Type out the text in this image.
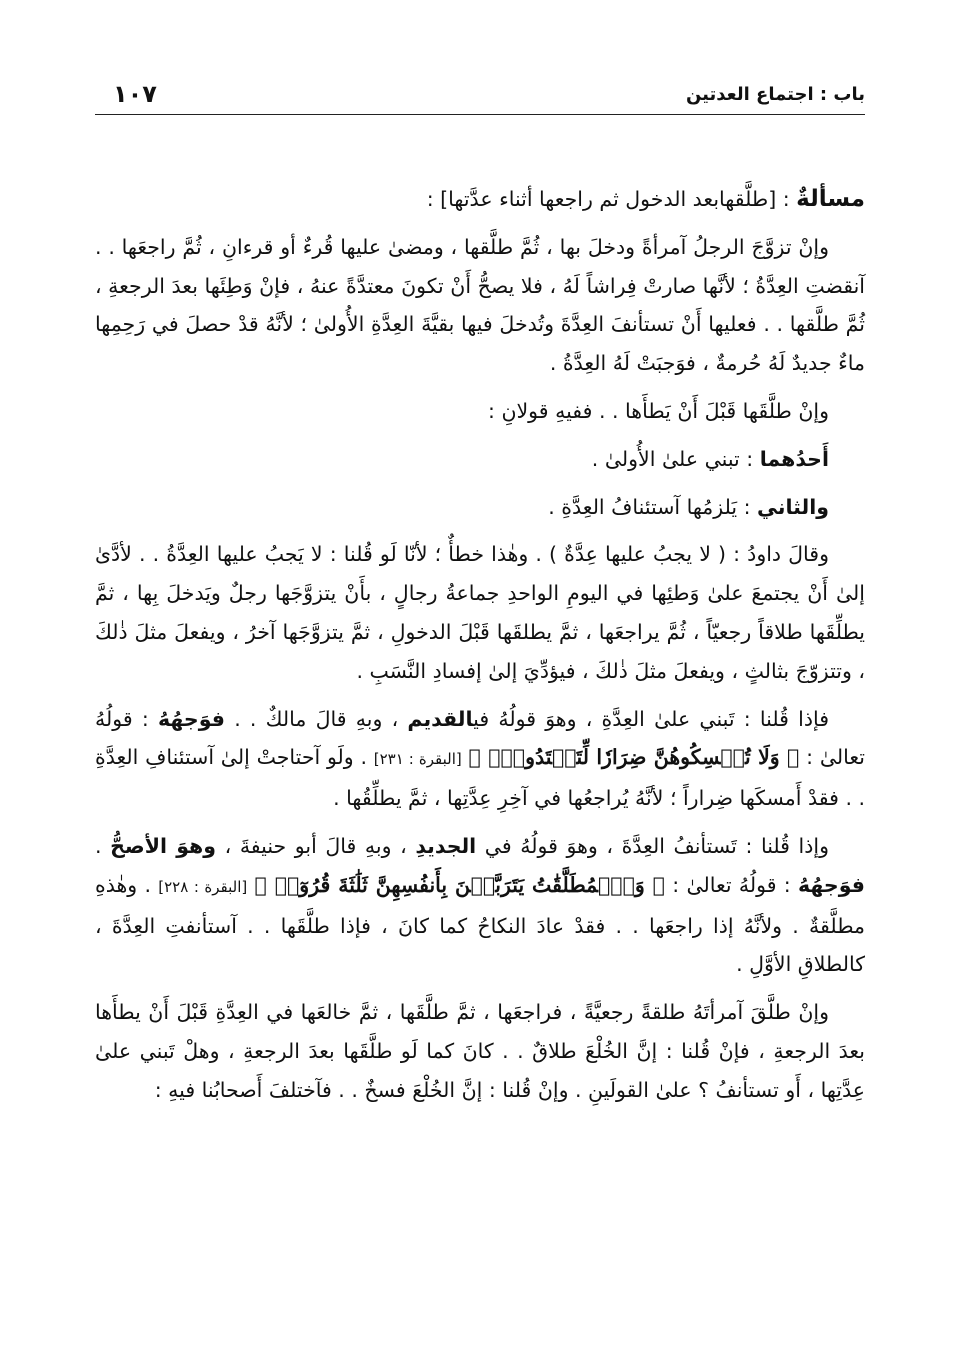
باب : اجتماع العدتين
١٠٧

مسألةٌ : [طلَّقهابعد الدخول ثم راجعها أثناء عدَّتها] :

وإنْ تزوَّجَ الرجلُ آمرأةً ودخلَ بها ، ثُمَّ طلَّقها ، ومضىٰ عليها قُرءٌ أو قرءانِ ، ثُمَّ راجعَها . . آنقضتِ العِدَّةُ ؛ لأنَّها صارتْ فِراشاً لَهُ ، فلا يصحُّ أَنْ تكونَ معتدَّةً عنهُ ، فإنْ وَطِئَها بعدَ الرجعةِ ، ثُمَّ طلَّقها . . فعليها أَنْ تستأنفَ العِدَّةَ وتُدخلَ فيها بقيَّةَ العِدَّةِ الأُولىٰ ؛ لأنَّهُ قدْ حصلَ في رَحِمِها ماءٌ جديدٌ لَهُ حُرمةٌ ، فوَجبَتْ لَهُ العِدَّةُ .

وإنْ طلَّقَها قَبْلَ أَنْ يَطأَها . . ففيهِ قولانِ :

أَحدُهما : تبني علىٰ الأُولىٰ .

والثاني : يَلزمُها آستئنافُ العِدَّةِ .

وقالَ داودُ : ( لا يجبُ عليها عِدَّةٌ ) . وهٰذا خطأٌ ؛ لأنّا لَو قُلنا : لا يَجبُ عليها العِدَّةُ . . لأدَّىٰ إلىٰ أَنْ يجتمعَ علىٰ وَطئِها في اليومِ الواحدِ جماعةُ رجالٍ ، بأَنْ يتزوَّجَها رجلٌ ويَدخلَ بِها ، ثمَّ يطلِّقَها طلاقاً رجعيّاً ، ثُمَّ يراجعَها ، ثمَّ يطلقَها قَبْلَ الدخولِ ، ثمَّ يتزوَّجَها آخرُ ، ويفعلَ مثلَ ذٰلكَ ، وتتزوّجَ بثالثٍ ، ويفعلَ مثلَ ذٰلكَ ، فيؤدِّيَ إلىٰ إفسادِ النَّسَبِ .

فإذا قُلنا : تَبني علىٰ العِدَّةِ ، وهوَ قولُهُ فيالقديم ، وبهِ قالَ مالكٌ . . فوَجهُهُ : قولُهُ تعالىٰ : ﴿ وَلَا تُمۡسِكُوهُنَّ ضِرَارٗا لِّتَعۡتَدُواْۚ ﴾ [البقرة : ٢٣١] . ولَو آحتاجتْ إلىٰ آستئنافِ العِدَّةِ . . فقدْ أَمسكَها ضِراراً ؛ لأنَّهُ يُراجعُها في آخِرِ عِدَّتِها ، ثمَّ يطلِّقُها .

وإذا قُلنا : تَستأنفُ العِدَّةَ ، وهوَ قولُهُ في الجديدِ ، وبهِ قالَ أبو حنيفةَ ، وهوَ الأصحُّ . فوَجهُهُ : قولُهُ تعالىٰ : ﴿ وَٱلۡمُطَلَّقَٰتُ يَتَرَبَّصۡنَ بِأَنفُسِهِنَّ ثَلَٰثَةَ قُرُوٓءٖ ﴾ [البقرة : ٢٢٨] . وهٰذهِ مطلَّقةٌ . ولأنَّهُ إذا راجعَها . . فقدْ عادَ النكاحُ كما كانَ ، فإذا طلَّقَها . . آستأنفتِ العِدَّةَ ، كالطلاقِ الأوَّلِ .

وإنْ طلَّقَ آمرأتَهُ طلقةً رجعيَّةً ، فراجعَها ، ثمَّ طلَّقَها ، ثمَّ خالعَها في العِدَّةِ قَبْلَ أَنْ يطأَها بعدَ الرجعةِ ، فإنْ قُلنا : إنَّ الخُلْعَ طلاقٌ . . كانَ كما لَو طلَّقَها بعدَ الرجعةِ ، وهلْ تَبني علىٰ عِدَّتِها ، أَو تستأنفُ ؟ علىٰ القولَينِ . وإنْ قُلنا : إنَّ الخُلْعَ فسخٌ . . فآختلفَ أَصحابُنا فيهِ :
